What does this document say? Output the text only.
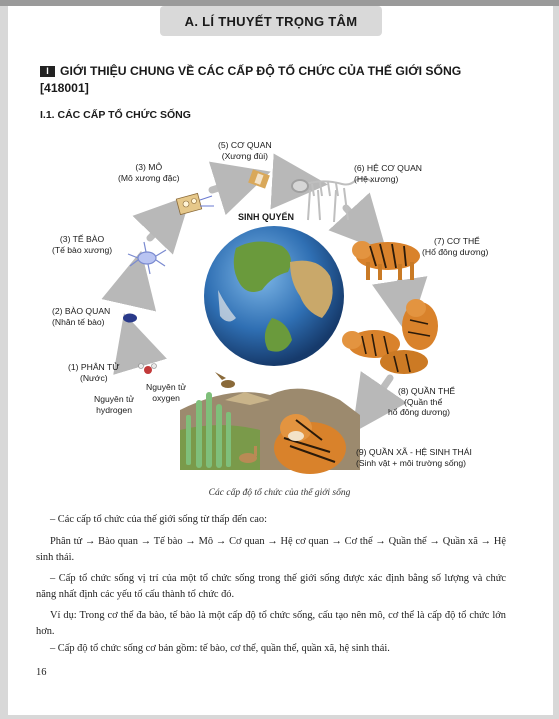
A. LÍ THUYẾT TRỌNG TÂM
I GIỚI THIỆU CHUNG VỀ CÁC CẤP ĐỘ TỔ CHỨC CỦA THẾ GIỚI SỐNG
[418001]
I.1. CÁC CẤP TỔ CHỨC SỐNG
(5) CƠ QUAN
(Xương đùi)
(3) MÔ
(Mô xương đặc)
(6) HỆ CƠ QUAN
(Hệ xương)
SINH QUYỂN
(3) TẾ BÀO
(Tế bào xương)
(7) CƠ THỂ
(Hổ đông dương)
(2) BÀO QUAN
(Nhân tế bào)
(1) PHÂN TỬ
(Nước)
Nguyên tử
oxygen
Nguyên tử
hydrogen
(8) QUẦN THỂ
(Quần thể
hổ đông dương)
(9) QUẦN XÃ - HỆ SINH THÁI
(Sinh vật + môi trường sống)
Các cấp độ tổ chức của thế giới sống
– Các cấp tổ chức của thế giới sống từ thấp đến cao:
Phân tử → Bào quan → Tế bào → Mô → Cơ quan → Hệ cơ quan → Cơ thể → Quần thể → Quần xã → Hệ sinh thái.
– Cấp tổ chức sống vị trí của một tổ chức sống trong thế giới sống được xác định bằng số lượng và chức năng nhất định các yếu tố cấu thành tổ chức đó.
Ví dụ: Trong cơ thể đa bào, tế bào là một cấp độ tổ chức sống, cấu tạo nên mô, cơ thể là cấp độ tổ chức lớn hơn.
– Cấp độ tổ chức sống cơ bản gồm: tế bào, cơ thể, quần thể, quần xã, hệ sinh thái.
16
